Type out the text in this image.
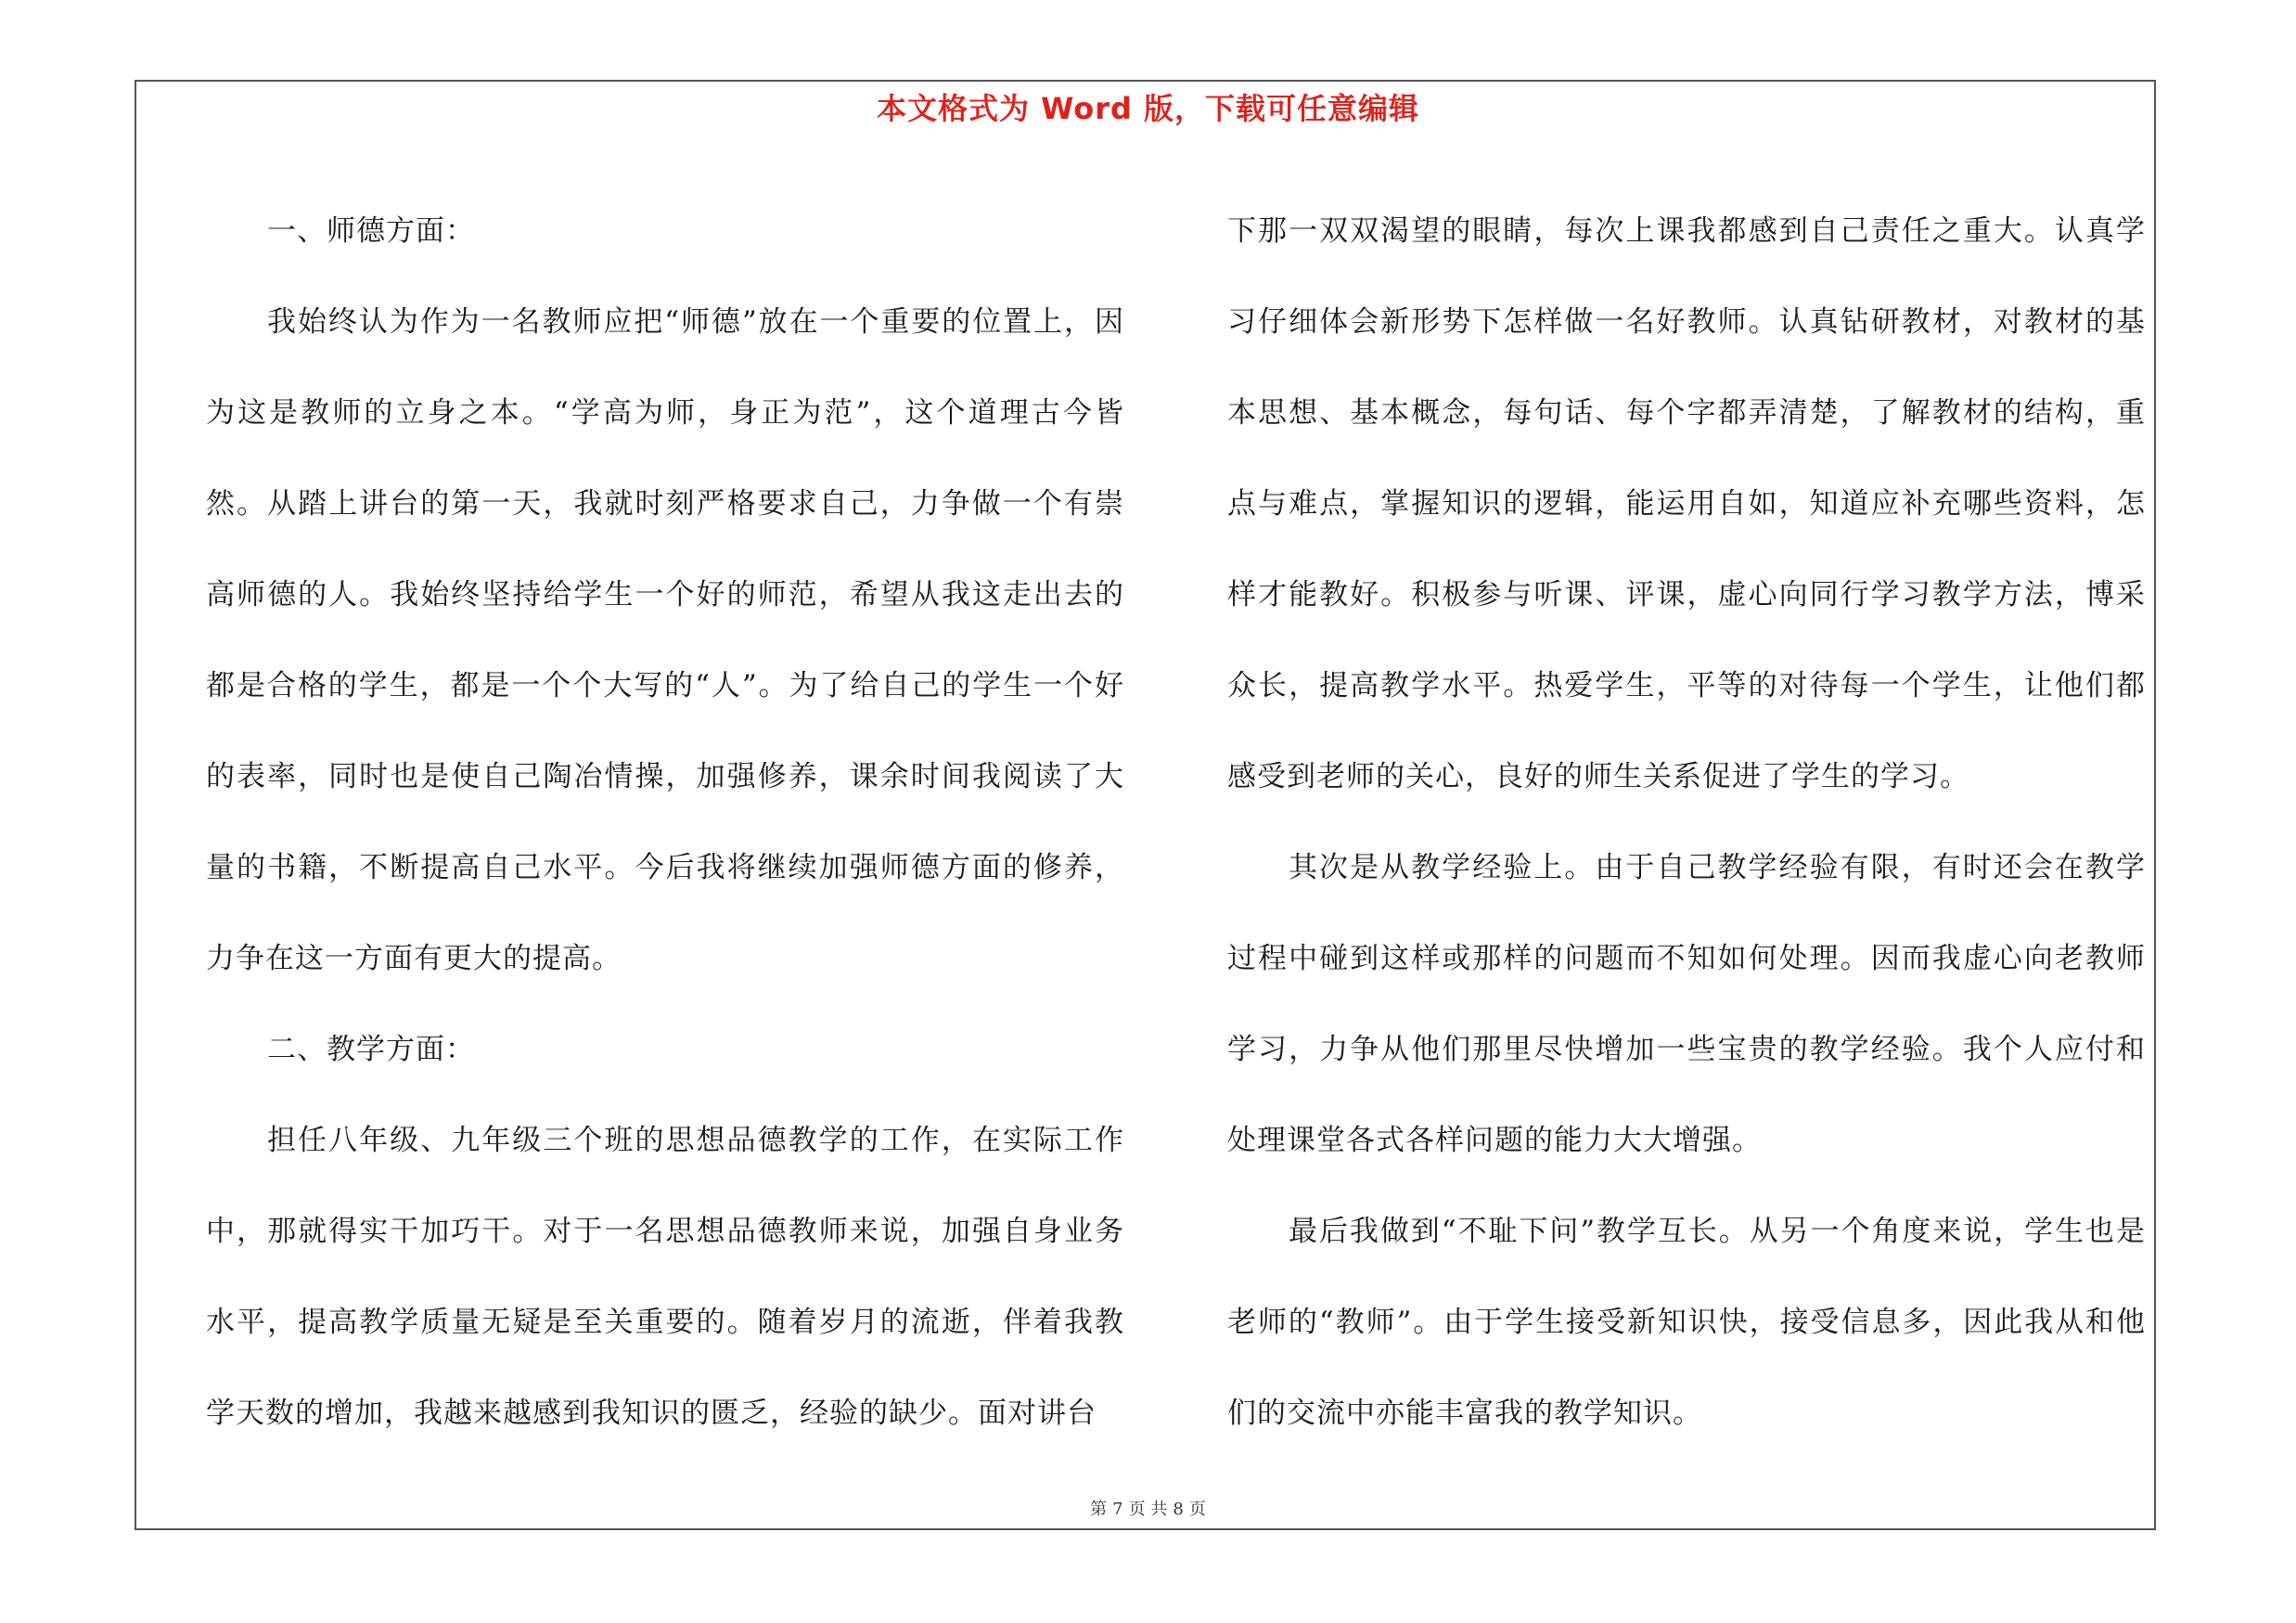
本文格式为 Word 版，下载可任意编辑

一、师德方面：

我始终认为作为一名教师应把“师德”放在一个重要的位置上，因为这是教师的立身之本。“学高为师，身正为范”，这个道理古今皆然。从踏上讲台的第一天，我就时刻严格要求自己，力争做一个有崇高师德的人。我始终坚持给学生一个好的师范，希望从我这走出去的都是合格的学生，都是一个个大写的“人”。为了给自己的学生一个好的表率，同时也是使自己陶冶情操，加强修养，课余时间我阅读了大量的书籍，不断提高自己水平。今后我将继续加强师德方面的修养，力争在这一方面有更大的提高。

二、教学方面：

担任八年级、九年级三个班的思想品德教学的工作，在实际工作中，那就得实干加巧干。对于一名思想品德教师来说，加强自身业务水平，提高教学质量无疑是至关重要的。随着岁月的流逝，伴着我教学天数的增加，我越来越感到我知识的匮乏，经验的缺少。面对讲台

下那一双双渴望的眼睛，每次上课我都感到自己责任之重大。认真学习仔细体会新形势下怎样做一名好教师。认真钻研教材，对教材的基本思想、基本概念，每句话、每个字都弄清楚，了解教材的结构，重点与难点，掌握知识的逻辑，能运用自如，知道应补充哪些资料，怎样才能教好。积极参与听课、评课，虚心向同行学习教学方法，博采众长，提高教学水平。热爱学生，平等的对待每一个学生，让他们都感受到老师的关心，良好的师生关系促进了学生的学习。

其次是从教学经验上。由于自己教学经验有限，有时还会在教学过程中碰到这样或那样的问题而不知如何处理。因而我虚心向老教师学习，力争从他们那里尽快增加一些宝贵的教学经验。我个人应付和处理课堂各式各样问题的能力大大增强。

最后我做到“不耻下问”教学互长。从另一个角度来说，学生也是老师的“教师”。由于学生接受新知识快，接受信息多，因此我从和他们的交流中亦能丰富我的教学知识。

第 7 页 共 8 页
